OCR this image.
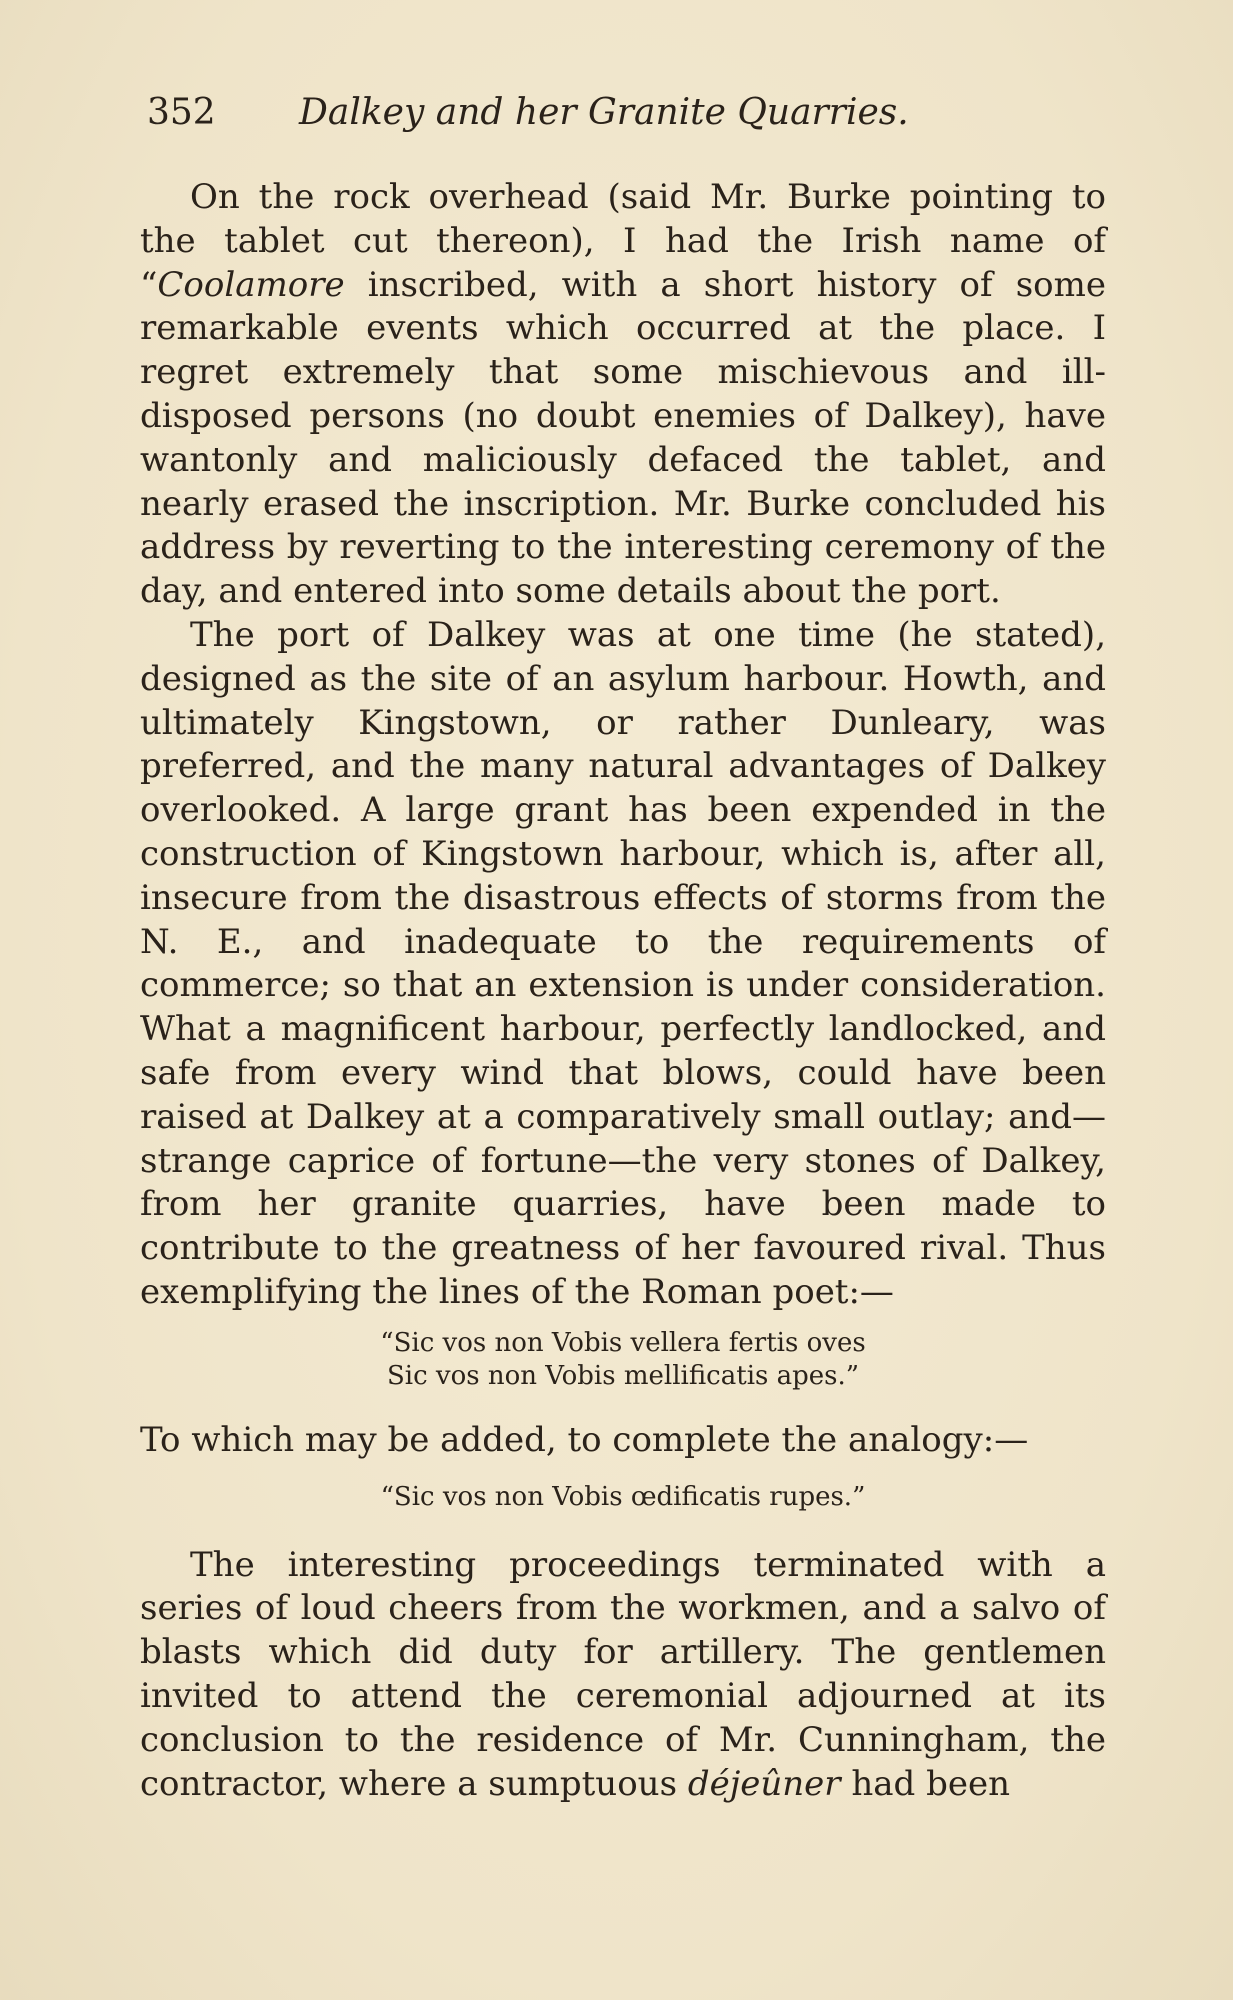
352 Dalkey and her Granite Quarries.

On the rock overhead (said Mr. Burke pointing to the tablet cut thereon), I had the Irish name of “Coolamore inscribed, with a short history of some remarkable events which occurred at the place. I regret extremely that some mischievous and ill-disposed persons (no doubt enemies of Dalkey), have wantonly and maliciously defaced the tablet, and nearly erased the inscription. Mr. Burke concluded his address by reverting to the interesting ceremony of the day, and entered into some details about the port.

The port of Dalkey was at one time (he stated), designed as the site of an asylum harbour. Howth, and ultimately Kingstown, or rather Dunleary, was preferred, and the many natural advantages of Dalkey overlooked. A large grant has been expended in the construction of Kingstown harbour, which is, after all, insecure from the disastrous effects of storms from the N. E., and inadequate to the requirements of commerce; so that an extension is under consideration. What a magnificent harbour, perfectly landlocked, and safe from every wind that blows, could have been raised at Dalkey at a comparatively small outlay; and—strange caprice of fortune—the very stones of Dalkey, from her granite quarries, have been made to contribute to the greatness of her favoured rival. Thus exemplifying the lines of the Roman poet:—

“Sic vos non Vobis vellera fertis oves

Sic vos non Vobis mellificatis apes.”

To which may be added, to complete the analogy:—

“Sic vos non Vobis œdificatis rupes.”

The interesting proceedings terminated with a series of loud cheers from the workmen, and a salvo of blasts which did duty for artillery. The gentlemen invited to attend the ceremonial adjourned at its conclusion to the residence of Mr. Cunningham, the contractor, where a sumptuous déjeûner had been
